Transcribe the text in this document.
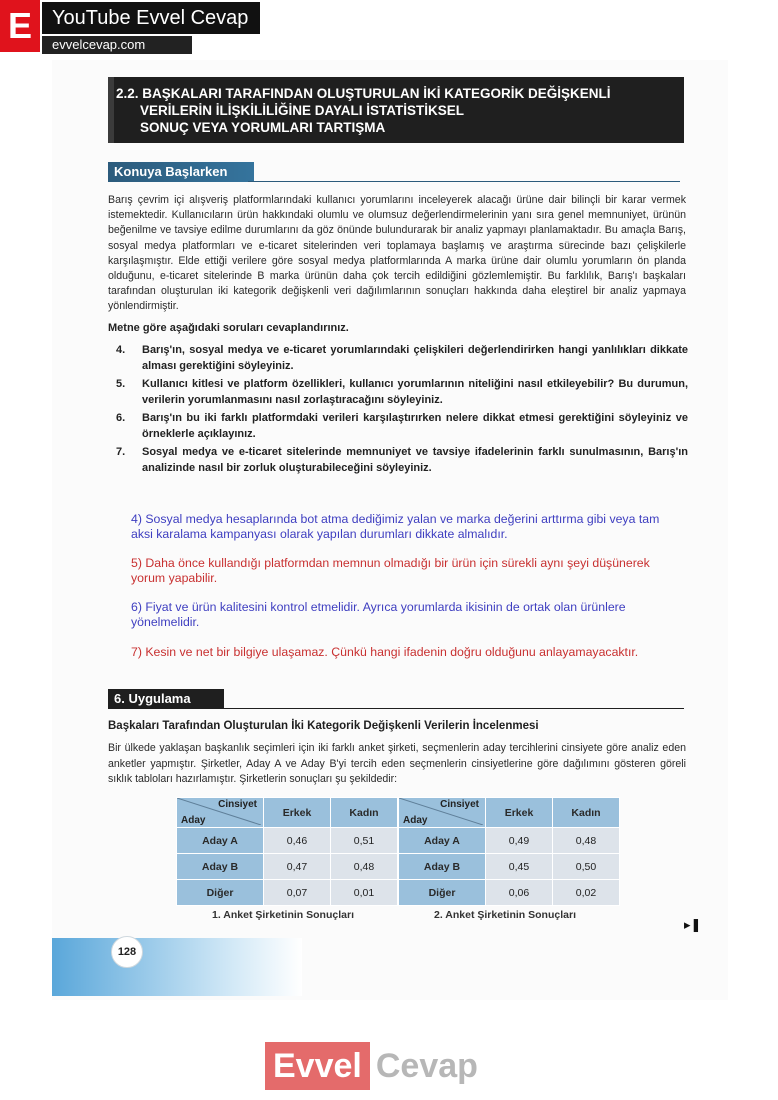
E	YouTube Evvel Cevap
evvelcevap.com
2.2. BAŞKALARI TARAFINDAN OLUŞTURULAN İKİ KATEGORİK DEĞİŞKENLİ
VERİLERİN İLİŞKİLİLİĞİNE DAYALI İSTATİSTİKSEL
SONUÇ VEYA YORUMLARI TARTIŞMA
Konuya Başlarken
Barış çevrim içi alışveriş platformlarındaki kullanıcı yorumlarını inceleyerek alacağı ürüne dair bilinçli bir karar vermek istemektedir. Kullanıcıların ürün hakkındaki olumlu ve olumsuz değerlendirmelerinin yanı sıra genel memnuniyet, ürünün beğenilme ve tavsiye edilme durumlarını da göz önünde bulundurarak bir analiz yapmayı planlamaktadır. Bu amaçla Barış, sosyal medya platformları ve e-ticaret sitelerinden veri toplamaya başlamış ve araştırma sürecinde bazı çelişkilerle karşılaşmıştır. Elde ettiği verilere göre sosyal medya platformlarında A marka ürüne dair olumlu yorumların ön planda olduğunu, e-ticaret sitelerinde B marka ürünün daha çok tercih edildiğini gözlemlemiştir. Bu farklılık, Barış'ı başkaları tarafından oluşturulan iki kategorik değişkenli veri dağılımlarının sonuçları hakkında daha eleştirel bir analiz yapmaya yönlendirmiştir.
Metne göre aşağıdaki soruları cevaplandırınız.
4.	Barış'ın, sosyal medya ve e-ticaret yorumlarındaki çelişkileri değerlendirirken hangi yanlılıkları dikkate alması gerektiğini söyleyiniz.
5.	Kullanıcı kitlesi ve platform özellikleri, kullanıcı yorumlarının niteliğini nasıl etkileyebilir? Bu durumun, verilerin yorumlanmasını nasıl zorlaştıracağını söyleyiniz.
6.	Barış'ın bu iki farklı platformdaki verileri karşılaştırırken nelere dikkat etmesi gerektiğini söyleyiniz ve örneklerle açıklayınız.
7.	Sosyal medya ve e-ticaret sitelerinde memnuniyet ve tavsiye ifadelerinin farklı sunulmasının, Barış'ın analizinde nasıl bir zorluk oluşturabileceğini söyleyiniz.
4) Sosyal medya hesaplarında bot atma dediğimiz yalan ve marka değerini arttırma gibi veya tam aksi karalama kampanyası olarak yapılan durumları dikkate almalıdır.
5) Daha önce kullandığı platformdan memnun olmadığı bir ürün için sürekli aynı şeyi düşünerek yorum yapabilir.
6) Fiyat ve ürün kalitesini kontrol etmelidir. Ayrıca yorumlarda ikisinin de ortak olan ürünlere yönelmelidir.
7) Kesin ve net bir bilgiye ulaşamaz. Çünkü hangi ifadenin doğru olduğunu anlayamayacaktır.
6. Uygulama
Başkaları Tarafından Oluşturulan İki Kategorik Değişkenli Verilerin İncelenmesi
Bir ülkede yaklaşan başkanlık seçimleri için iki farklı anket şirketi, seçmenlerin aday tercihlerini cinsiyete göre analiz eden anketler yapmıştır. Şirketler, Aday A ve Aday B'yi tercih eden seçmenlerin cinsiyetlerine göre dağılımını gösteren göreli sıklık tabloları hazırlamıştır. Şirketlerin sonuçları şu şekildedir:
Cinsiyet
Aday	Erkek	Kadın
Aday A	0,46	0,51
Aday B	0,47	0,48
Diğer	0,07	0,01
1. Anket Şirketinin Sonuçları
Cinsiyet
Aday	Erkek	Kadın
Aday A	0,49	0,48
Aday B	0,45	0,50
Diğer	0,06	0,02
2. Anket Şirketinin Sonuçları
▸❚
128
Evvel Cevap
